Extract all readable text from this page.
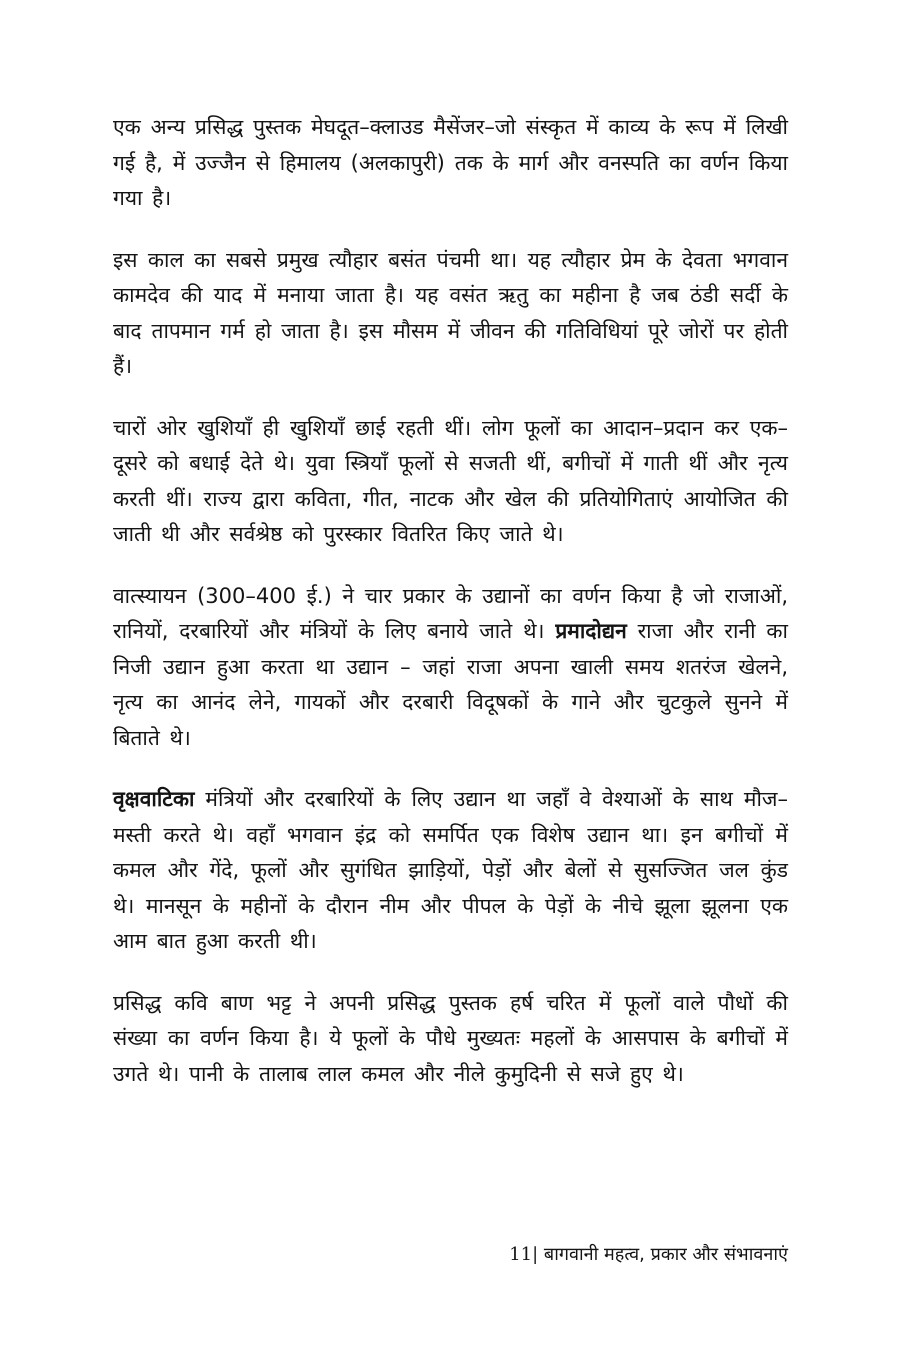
एक अन्य प्रसिद्ध पुस्तक मेघदूत–क्लाउड मैसेंजर–जो संस्कृत में काव्य के रूप में लिखी गई है, में उज्जैन से हिमालय (अलकापुरी) तक के मार्ग और वनस्पति का वर्णन किया गया है।

इस काल का सबसे प्रमुख त्यौहार बसंत पंचमी था। यह त्यौहार प्रेम के देवता भगवान कामदेव की याद में मनाया जाता है। यह वसंत ऋतु का महीना है जब ठंडी सर्दी के बाद तापमान गर्म हो जाता है। इस मौसम में जीवन की गतिविधियां पूरे जोरों पर होती हैं।

चारों ओर खुशियाँ ही खुशियाँ छाई रहती थीं। लोग फूलों का आदान–प्रदान कर एक–दूसरे को बधाई देते थे। युवा स्त्रियाँ फूलों से सजती थीं, बगीचों में गाती थीं और नृत्य करती थीं। राज्य द्वारा कविता, गीत, नाटक और खेल की प्रतियोगिताएं आयोजित की जाती थी और सर्वश्रेष्ठ को पुरस्कार वितरित किए जाते थे।

वात्स्यायन (300–400 ई.) ने चार प्रकार के उद्यानों का वर्णन किया है जो राजाओं, रानियों, दरबारियों और मंत्रियों के लिए बनाये जाते थे। प्रमादोद्यन राजा और रानी का निजी उद्यान हुआ करता था उद्यान – जहां राजा अपना खाली समय शतरंज खेलने, नृत्य का आनंद लेने, गायकों और दरबारी विदूषकों के गाने और चुटकुले सुनने में बिताते थे।

वृक्षवाटिका मंत्रियों और दरबारियों के लिए उद्यान था जहाँ वे वेश्याओं के साथ मौज–मस्ती करते थे। वहाँ भगवान इंद्र को समर्पित एक विशेष उद्यान था। इन बगीचों में कमल और गेंदे, फूलों और सुगंधित झाड़ियों, पेड़ों और बेलों से सुसज्जित जल कुंड थे। मानसून के महीनों के दौरान नीम और पीपल के पेड़ों के नीचे झूला झूलना एक आम बात हुआ करती थी।

प्रसिद्ध कवि बाण भट्ट ने अपनी प्रसिद्ध पुस्तक हर्ष चरित में फूलों वाले पौधों की संख्या का वर्णन किया है। ये फूलों के पौधे मुख्यतः महलों के आसपास के बगीचों में उगते थे। पानी के तालाब लाल कमल और नीले कुमुदिनी से सजे हुए थे।

11| बागवानी महत्व, प्रकार और संभावनाएं
